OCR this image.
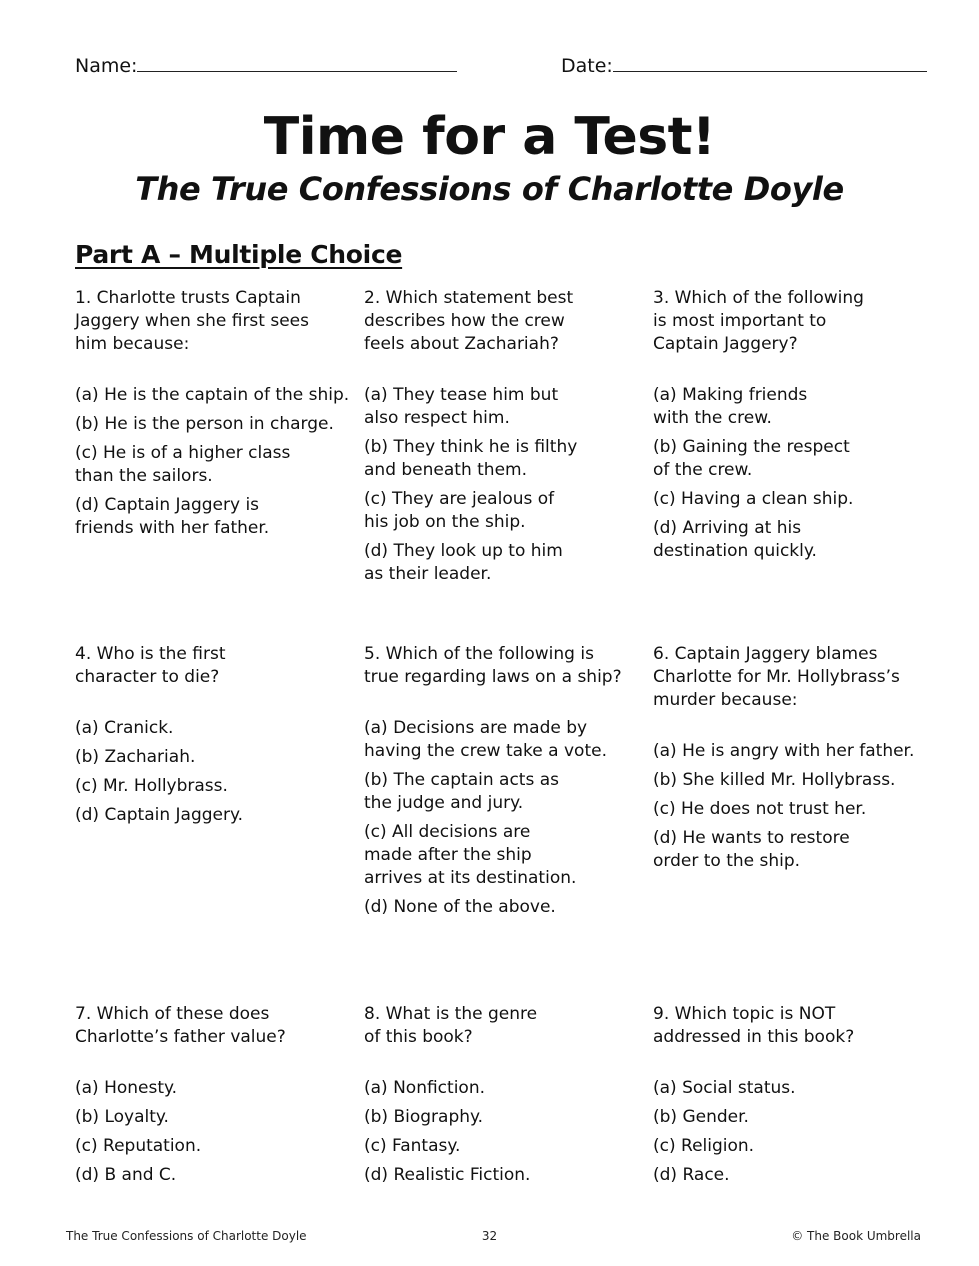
Name:	Date:
Time for a Test!
The True Confessions of Charlotte Doyle
Part A – Multiple Choice
1. Charlotte trusts Captain
Jaggery when she first sees
him because:
(a) He is the captain of the ship.
(b) He is the person in charge.
(c) He is of a higher class
than the sailors.
(d) Captain Jaggery is
friends with her father.
2. Which statement best
describes how the crew
feels about Zachariah?
(a) They tease him but
also respect him.
(b) They think he is filthy
and beneath them.
(c) They are jealous of
his job on the ship.
(d) They look up to him
as their leader.
3. Which of the following
is most important to
Captain Jaggery?
(a) Making friends
with the crew.
(b) Gaining the respect
of the crew.
(c) Having a clean ship.
(d) Arriving at his
destination quickly.
4. Who is the first
character to die?
(a) Cranick.
(b) Zachariah.
(c) Mr. Hollybrass.
(d) Captain Jaggery.
5. Which of the following is
true regarding laws on a ship?
(a) Decisions are made by
having the crew take a vote.
(b) The captain acts as
the judge and jury.
(c) All decisions are
made after the ship
arrives at its destination.
(d) None of the above.
6. Captain Jaggery blames
Charlotte for Mr. Hollybrass’s
murder because:
(a) He is angry with her father.
(b) She killed Mr. Hollybrass.
(c) He does not trust her.
(d) He wants to restore
order to the ship.
7. Which of these does
Charlotte’s father value?
(a) Honesty.
(b) Loyalty.
(c) Reputation.
(d) B and C.
8. What is the genre
of this book?
(a) Nonfiction.
(b) Biography.
(c) Fantasy.
(d) Realistic Fiction.
9. Which topic is NOT
addressed in this book?
(a) Social status.
(b) Gender.
(c) Religion.
(d) Race.
The True Confessions of Charlotte Doyle	32	© The Book Umbrella
